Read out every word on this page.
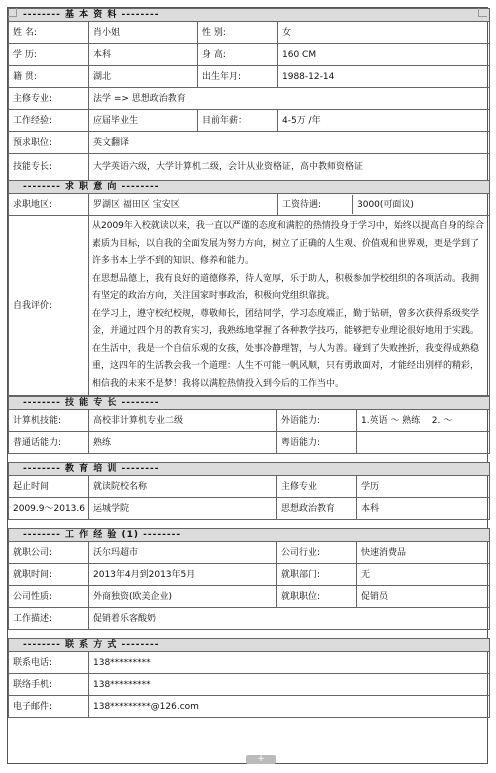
-------- 基 本 资 料 --------
姓 名:	肖小姐	性 别:	女
学 历:	本科	身 高:	160 CM
籍 贯:	湖北	出生年月:	1988-12-14
主修专业:	法学 => 思想政治教育
工作经验:	应届毕业生	目前年薪：	4-5万 /年
预求职位:	英文翻译
技能专长:	大学英语六级，大学计算机二级，会计从业资格证，高中教师资格证
-------- 求 职 意 向 --------
求职地区:	罗湖区 福田区 宝安区		工资待遇:	3000(可面议)

自我评价:	

从2009年入校就读以来，我一直以严谨的态度和满腔的热情投身于学习中，始终以提高自身的综合素质为目标，以自我的全面发展为努力方向，树立了正确的人生观、价值观和世界观，更是学到了许多书本上学不到的知识、修养和能力。

在思想品德上，我有良好的道德修养，待人宽厚，乐于助人，积极参加学校组织的各项活动。我拥有坚定的政治方向，关注国家时事政治，积极向党组织靠拢。

在学习上，遵守校纪校规，尊敬师长，团结同学，学习态度端正，勤于钻研，曾多次获得系级奖学金，并通过四个月的教育实习，我熟练地掌握了各种教学技巧，能够把专业理论很好地用于实践。

在生活中，我是一个自信乐观的女孩，处事冷静理智，与人为善。碰到了失败挫折，我变得成熟稳重，这四年的生活教会我一个道理：人生不可能一帆风顺，只有勇敢面对，才能经出别样的精彩，相信我的未来不是梦！我将以满腔热情投入到今后的工作当中。

-------- 技 能 专 长 --------			
计算机技能:	高校非计算机专业二级	外语能力:	1.英语 ～ 熟练 2. ～
普通话能力:	熟练	粤语能力:	

-------- 教 育 培 训 --------			
起止时间	就读院校名称	主修专业	学历
2009.9～2013.6	运城学院	思想政治教育	本科

-------- 工 作 经 验 (1) --------			
就职公司:	沃尔玛超市	公司行业:	快速消费品
就职时间:	2013年4月到2013年5月	就职部门:	无
公司性质:	外商独资(欧美企业)	就职职位:	促销员
工作描述:	促销着乐客酸奶		

-------- 联 系 方 式 --------			
联系电话:	138*********		
联络手机:	138*********		
电子邮件:	138*********@126.com		
+
